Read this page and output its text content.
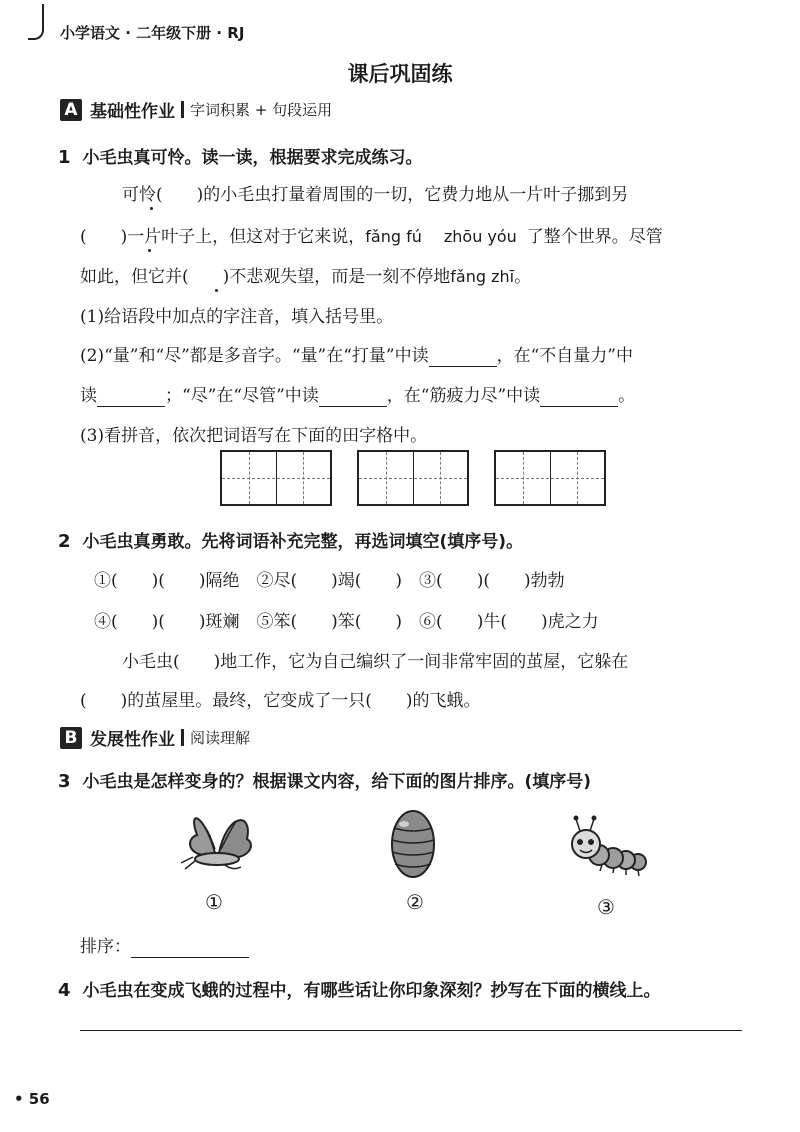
小学语文 · 二年级下册 · RJ
课后巩固练
A 基础性作业 字词积累 + 句段运用
1 小毛虫真可怜。读一读，根据要求完成练习。
可怜(　　)的小毛虫打量着周围的一切，它费力地从一片叶子挪到另
(　　)一片叶子上，但这对于它来说，fǎng fú zhōu yóu 了整个世界。尽管
如此，但它并(　　)不悲观失望，而是一刻不停地fǎng zhī。
(1)给语段中加点的字注音，填入括号里。
(2)“量”和“尽”都是多音字。“量”在“打量”中读	，在“不自量力”中
读	；“尽”在“尽管”中读	，在“筋疲力尽”中读	。
(3)看拼音，依次把词语写在下面的田字格中。
2 小毛虫真勇敢。先将词语补充完整，再选词填空(填序号)。
①(　　)(　　)隔绝　②尽(　　)竭(　　)　③(　　)(　　)勃勃
④(　　)(　　)斑斓　⑤笨(　　)笨(　　)　⑥(　　)牛(　　)虎之力
小毛虫(　　)地工作，它为自己编织了一间非常牢固的茧屋，它躲在
(　　)的茧屋里。最终，它变成了一只(　　)的飞蛾。
B 发展性作业 阅读理解
3 小毛虫是怎样变身的？根据课文内容，给下面的图片排序。(填序号)
①	②	③
排序：
4 小毛虫在变成飞蛾的过程中，有哪些话让你印象深刻？抄写在下面的横线上。
• 56
